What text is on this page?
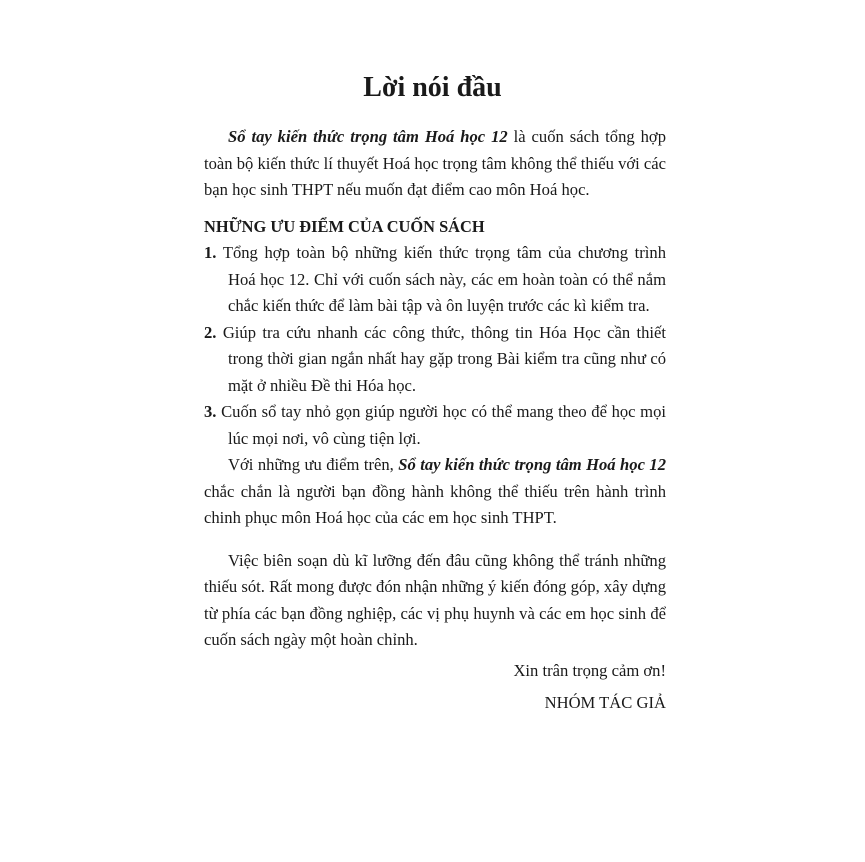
Lời nói đầu

Sổ tay kiến thức trọng tâm Hoá học 12 là cuốn sách tổng hợp toàn bộ kiến thức lí thuyết Hoá học trọng tâm không thể thiếu với các bạn học sinh THPT nếu muốn đạt điểm cao môn Hoá học.

NHỮNG ƯU ĐIỂM CỦA CUỐN SÁCH

1. Tổng hợp toàn bộ những kiến thức trọng tâm của chương trình Hoá học 12. Chỉ với cuốn sách này, các em hoàn toàn có thể nắm chắc kiến thức để làm bài tập và ôn luyện trước các kì kiểm tra.

2. Giúp tra cứu nhanh các công thức, thông tin Hóa Học cần thiết trong thời gian ngắn nhất hay gặp trong Bài kiểm tra cũng như có mặt ở nhiều Đề thi Hóa học.

3. Cuốn sổ tay nhỏ gọn giúp người học có thể mang theo để học mọi lúc mọi nơi, vô cùng tiện lợi.

Với những ưu điểm trên, Sổ tay kiến thức trọng tâm Hoá học 12 chắc chắn là người bạn đồng hành không thể thiếu trên hành trình chinh phục môn Hoá học của các em học sinh THPT.

Việc biên soạn dù kĩ lưỡng đến đâu cũng không thể tránh những thiếu sót. Rất mong được đón nhận những ý kiến đóng góp, xây dựng từ phía các bạn đồng nghiệp, các vị phụ huynh và các em học sinh để cuốn sách ngày một hoàn chỉnh.

Xin trân trọng cảm ơn!

NHÓM TÁC GIẢ
